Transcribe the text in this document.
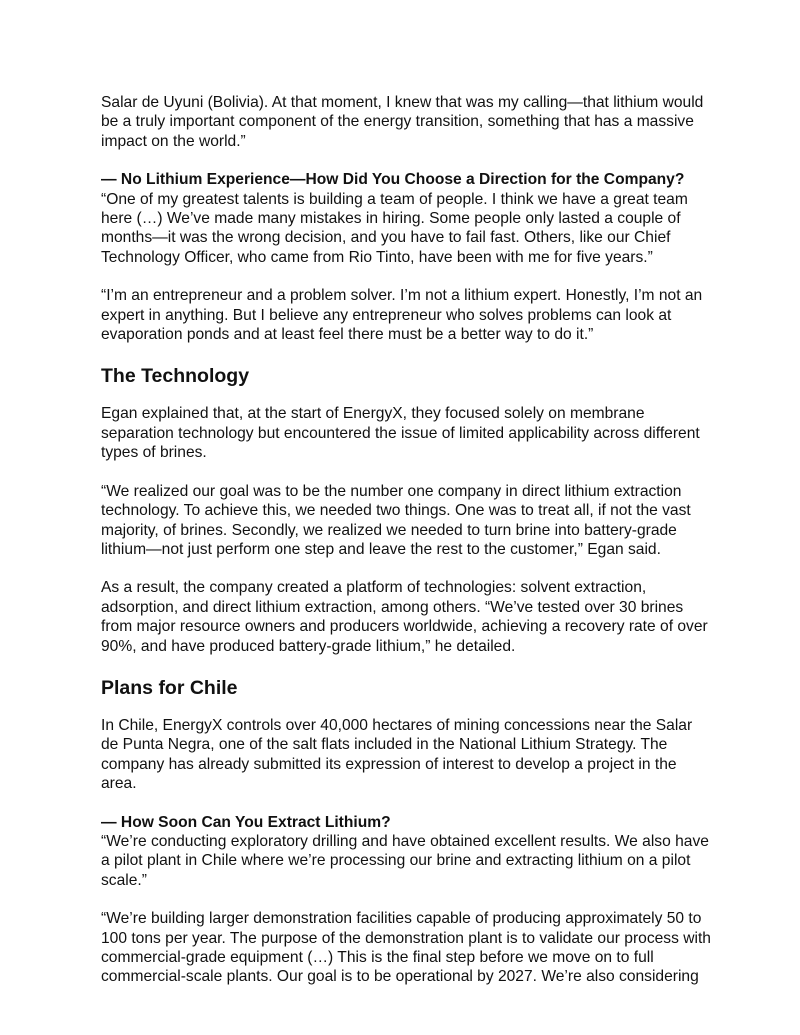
Salar de Uyuni (Bolivia). At that moment, I knew that was my calling—that lithium would be a truly important component of the energy transition, something that has a massive impact on the world.”

— No Lithium Experience—How Did You Choose a Direction for the Company?

“One of my greatest talents is building a team of people. I think we have a great team here (…) We’ve made many mistakes in hiring. Some people only lasted a couple of months—it was the wrong decision, and you have to fail fast. Others, like our Chief Technology Officer, who came from Rio Tinto, have been with me for five years.”

“I’m an entrepreneur and a problem solver. I’m not a lithium expert. Honestly, I’m not an expert in anything. But I believe any entrepreneur who solves problems can look at evaporation ponds and at least feel there must be a better way to do it.”

The Technology

Egan explained that, at the start of EnergyX, they focused solely on membrane separation technology but encountered the issue of limited applicability across different types of brines.

“We realized our goal was to be the number one company in direct lithium extraction technology. To achieve this, we needed two things. One was to treat all, if not the vast majority, of brines. Secondly, we realized we needed to turn brine into battery-grade lithium—not just perform one step and leave the rest to the customer,” Egan said.

As a result, the company created a platform of technologies: solvent extraction, adsorption, and direct lithium extraction, among others. “We’ve tested over 30 brines from major resource owners and producers worldwide, achieving a recovery rate of over 90%, and have produced battery-grade lithium,” he detailed.

Plans for Chile

In Chile, EnergyX controls over 40,000 hectares of mining concessions near the Salar de Punta Negra, one of the salt flats included in the National Lithium Strategy. The company has already submitted its expression of interest to develop a project in the area.

— How Soon Can You Extract Lithium?

“We’re conducting exploratory drilling and have obtained excellent results. We also have a pilot plant in Chile where we’re processing our brine and extracting lithium on a pilot scale.”

“We’re building larger demonstration facilities capable of producing approximately 50 to 100 tons per year. The purpose of the demonstration plant is to validate our process with commercial-grade equipment (…) This is the final step before we move on to full commercial-scale plants. Our goal is to be operational by 2027. We’re also considering
